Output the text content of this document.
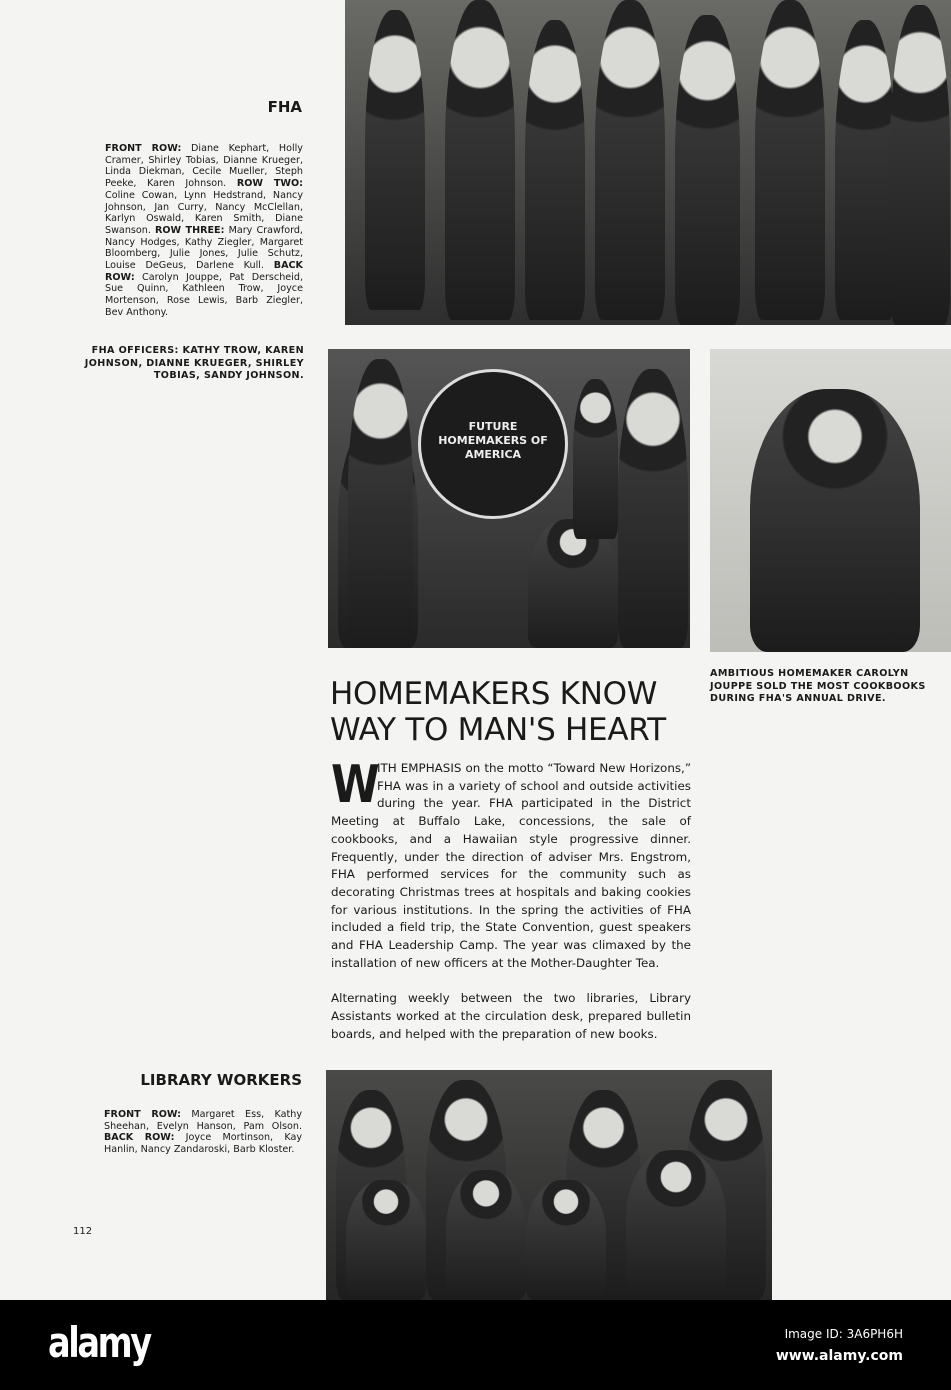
FHA
FRONT ROW: Diane Kephart, Holly Cramer, Shirley Tobias, Dianne Krueger, Linda Diekman, Cecile Mueller, Steph Peeke, Karen Johnson. ROW TWO: Coline Cowan, Lynn Hedstrand, Nancy Johnson, Jan Curry, Nancy McClellan, Karlyn Oswald, Karen Smith, Diane Swanson. ROW THREE: Mary Crawford, Nancy Hodges, Kathy Ziegler, Margaret Bloomberg, Julie Jones, Julie Schutz, Louise DeGeus, Darlene Kull. BACK ROW: Carolyn Jouppe, Pat Derscheid, Sue Quinn, Kathleen Trow, Joyce Mortenson, Rose Lewis, Barb Ziegler, Bev Anthony.
FHA OFFICERS: KATHY TROW, KAREN JOHNSON, DIANNE KRUEGER, SHIRLEY TOBIAS, SANDY JOHNSON.
FUTURE HOMEMAKERS OF AMERICA
AMBITIOUS HOMEMAKER CAROLYN JOUPPE SOLD THE MOST COOKBOOKS DURING FHA'S ANNUAL DRIVE.
HOMEMAKERS KNOW
WAY TO MAN'S HEART

W
ITH EMPHASIS on the motto “Toward New Horizons,” FHA was in a variety of school and outside activities during the year. FHA participated in the District Meeting at Buffalo Lake, concessions, the sale of cookbooks, and a Hawaiian style progressive dinner. Frequently, under the direction of adviser Mrs. Engstrom, FHA performed services for the community such as decorating Christmas trees at hospitals and baking cookies for various institutions. In the spring the activities of FHA included a field trip, the State Convention, guest speakers and FHA Leadership Camp. The year was climaxed by the installation of new officers at the Mother-Daughter Tea.

Alternating weekly between the two libraries, Library Assistants worked at the circulation desk, prepared bulletin boards, and helped with the preparation of new books.

LIBRARY WORKERS
FRONT ROW: Margaret Ess, Kathy Sheehan, Evelyn Hanson, Pam Olson. BACK ROW: Joyce Mortinson, Kay Hanlin, Nancy Zandaroski, Barb Kloster.
112
alamy	Image ID: 3A6PH6H
www.alamy.com
